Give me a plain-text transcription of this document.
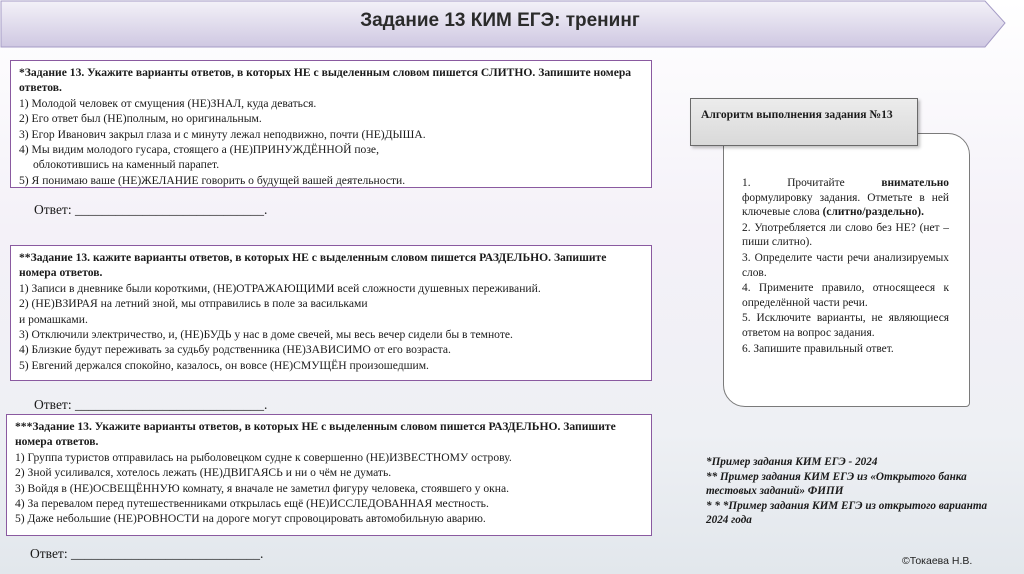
Задание 13 КИМ ЕГЭ: тренинг
*Задание 13. Укажите варианты ответов, в которых НЕ с выделенным словом пишется СЛИТНО. Запишите номера ответов.
1) Молодой человек от смущения (НЕ)ЗНАЛ, куда деваться.
2) Его ответ был (НЕ)полным, но оригинальным.
3) Егор Иванович закрыл глаза и с минуту лежал неподвижно, почти (НЕ)ДЫША.
4) Мы видим молодого гусара, стоящего а (НЕ)ПРИНУЖДЁННОЙ позе,
облокотившись на каменный парапет.
5) Я понимаю ваше (НЕ)ЖЕЛАНИЕ говорить о будущей вашей деятельности.
Ответ: ____________________________.
**Задание 13. кажите варианты ответов, в которых НЕ с выделенным словом пишется РАЗДЕЛЬНО. Запишите номера ответов.
1) Записи в дневнике были короткими, (НЕ)ОТРАЖАЮЩИМИ всей сложности душевных переживаний.
2) (НЕ)ВЗИРАЯ на летний зной, мы отправились в поле за васильками
и ромашками.
3) Отключили электричество, и, (НЕ)БУДЬ у нас в доме свечей, мы весь вечер сидели бы в темноте.
4) Близкие будут переживать за судьбу родственника (НЕ)ЗАВИСИМО от его возраста.
5) Евгений держался спокойно, казалось, он вовсе (НЕ)СМУЩЁН произошедшим.
Ответ: ____________________________.
***Задание 13. Укажите варианты ответов, в которых НЕ с выделенным словом пишется РАЗДЕЛЬНО. Запишите номера ответов.
1) Группа туристов отправилась на рыболовецком судне к совершенно (НЕ)ИЗВЕСТНОМУ острову.
2) Зной усиливался, хотелось лежать (НЕ)ДВИГАЯСЬ и ни о чём не думать.
3) Войдя в (НЕ)ОСВЕЩЁННУЮ комнату, я вначале не заметил фигуру человека, стоявшего у окна.
4) За перевалом перед путешественниками открылась ещё (НЕ)ИССЛЕДОВАННАЯ местность.
5) Даже небольшие (НЕ)РОВНОСТИ на дороге могут спровоцировать автомобильную аварию.
Ответ: ____________________________.
1. Прочитайте внимательно формулировку задания. Отметьте в ней ключевые слова (слитно/раздельно).
2. Употребляется ли слово без НЕ? (нет – пиши слитно).
3. Определите части речи анализируемых слов.
4. Примените правило, относящееся к определённой части речи.
5. Исключите варианты, не являющиеся ответом на вопрос задания.
6. Запишите правильный ответ.
Алгоритм выполнения задания №13
*Пример задания КИМ ЕГЭ - 2024
** Пример задания КИМ ЕГЭ из «Открытого банка тестовых заданий» ФИПИ
* * *Пример задания КИМ ЕГЭ из открытого варианта 2024 года
©Токаева Н.В.
